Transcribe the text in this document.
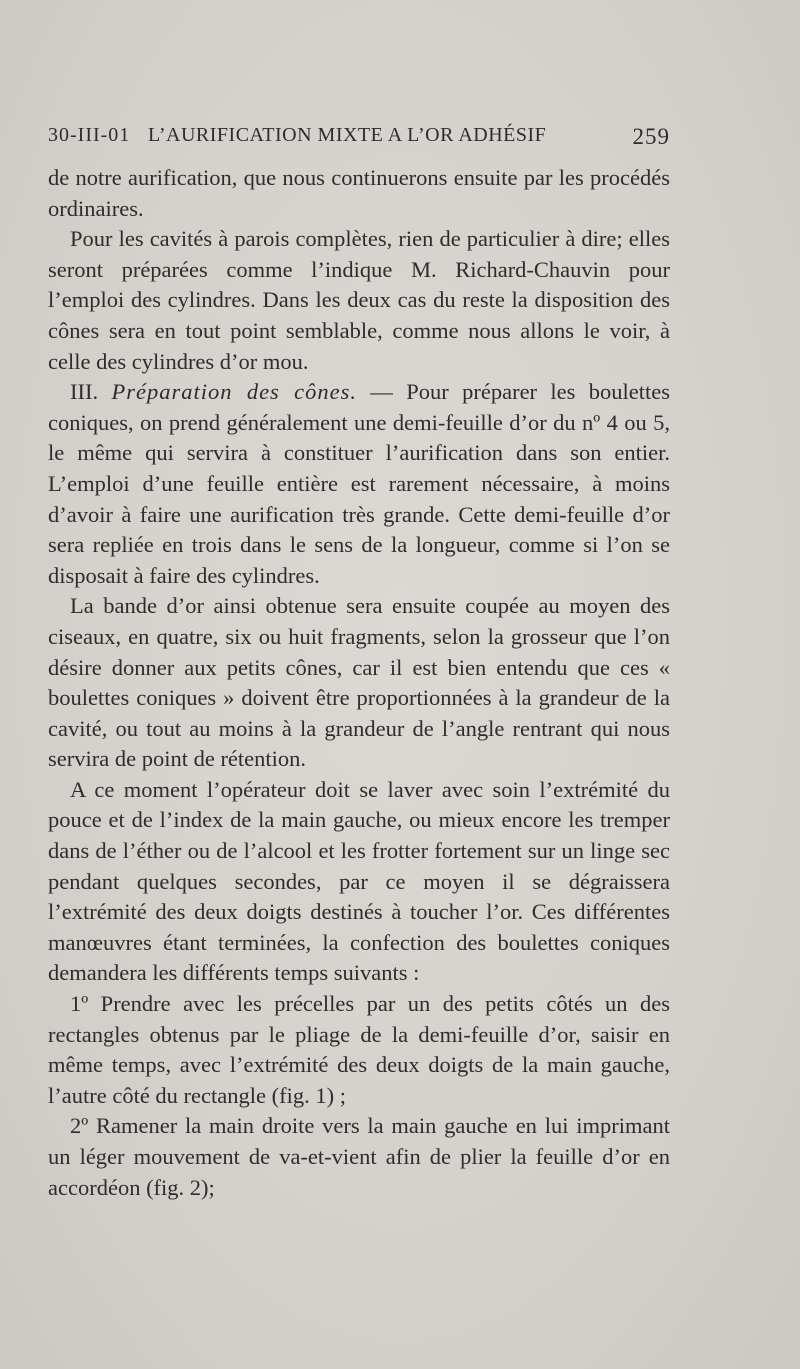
30-III-01 L’AURIFICATION MIXTE A L’OR ADHÉSIF	259

de notre aurification, que nous continuerons ensuite par les procédés ordinaires.

Pour les cavités à parois complètes, rien de particulier à dire; elles seront préparées comme l’indique M. Richard-Chauvin pour l’emploi des cylindres. Dans les deux cas du reste la disposition des cônes sera en tout point semblable, comme nous allons le voir, à celle des cylindres d’or mou.

III. Préparation des cônes. — Pour préparer les boulettes coniques, on prend généralement une demi-feuille d’or du nº 4 ou 5, le même qui servira à constituer l’aurification dans son entier. L’emploi d’une feuille entière est rarement nécessaire, à moins d’avoir à faire une aurification très grande. Cette demi-feuille d’or sera repliée en trois dans le sens de la longueur, comme si l’on se disposait à faire des cylindres.

La bande d’or ainsi obtenue sera ensuite coupée au moyen des ciseaux, en quatre, six ou huit fragments, selon la grosseur que l’on désire donner aux petits cônes, car il est bien entendu que ces « boulettes coniques » doivent être proportionnées à la grandeur de la cavité, ou tout au moins à la grandeur de l’angle rentrant qui nous servira de point de rétention.

A ce moment l’opérateur doit se laver avec soin l’extrémité du pouce et de l’index de la main gauche, ou mieux encore les tremper dans de l’éther ou de l’alcool et les frotter fortement sur un linge sec pendant quelques secondes, par ce moyen il se dégraissera l’extrémité des deux doigts destinés à toucher l’or. Ces différentes manœuvres étant terminées, la confection des boulettes coniques demandera les différents temps suivants :

1º Prendre avec les précelles par un des petits côtés un des rectangles obtenus par le pliage de la demi-feuille d’or, saisir en même temps, avec l’extrémité des deux doigts de la main gauche, l’autre côté du rectangle (fig. 1) ;

2º Ramener la main droite vers la main gauche en lui imprimant un léger mouvement de va-et-vient afin de plier la feuille d’or en accordéon (fig. 2);
